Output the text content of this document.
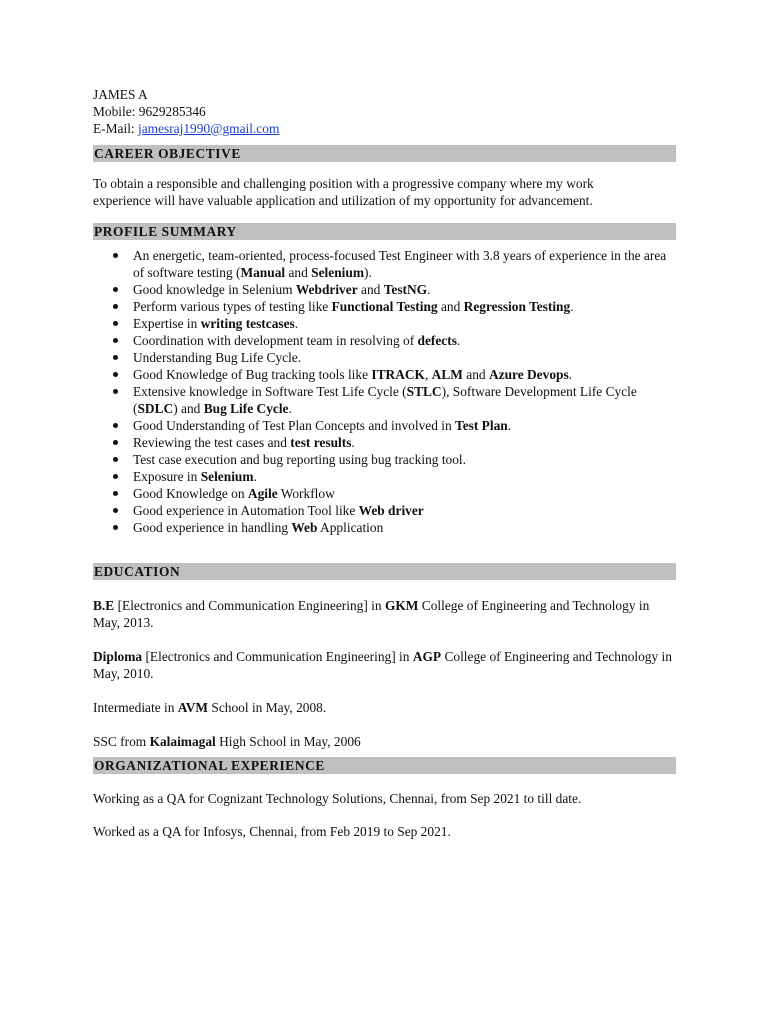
JAMES A
Mobile: 9629285346
E-Mail: jamesraj1990@gmail.com
CAREER OBJECTIVE
To obtain a responsible and challenging position with a progressive company where my work
experience will have valuable application and utilization of my opportunity for advancement.
PROFILE SUMMARY
An energetic, team-oriented, process-focused Test Engineer with 3.8 years of experience in the area of software testing (Manual and Selenium).
Good knowledge in Selenium Webdriver and TestNG.
Perform various types of testing like Functional Testing and Regression Testing.
Expertise in writing testcases.
Coordination with development team in resolving of defects.
Understanding Bug Life Cycle.
Good Knowledge of Bug tracking tools like ITRACK, ALM and Azure Devops.
Extensive knowledge in Software Test Life Cycle (STLC), Software Development Life Cycle (SDLC) and Bug Life Cycle.
Good Understanding of Test Plan Concepts and involved in Test Plan.
Reviewing the test cases and test results.
Test case execution and bug reporting using bug tracking tool.
Exposure in Selenium.
Good Knowledge on Agile Workflow
Good experience in Automation Tool like Web driver
Good experience in handling Web Application
EDUCATION
B.E [Electronics and Communication Engineering] in GKM College of Engineering and Technology in May, 2013.
Diploma [Electronics and Communication Engineering] in AGP College of Engineering and Technology in May, 2010.
Intermediate in AVM School in May, 2008.
SSC from Kalaimagal High School in May, 2006
ORGANIZATIONAL EXPERIENCE
Working as a QA for Cognizant Technology Solutions, Chennai, from Sep 2021 to till date.
Worked as a QA for Infosys, Chennai, from Feb 2019 to Sep 2021.
